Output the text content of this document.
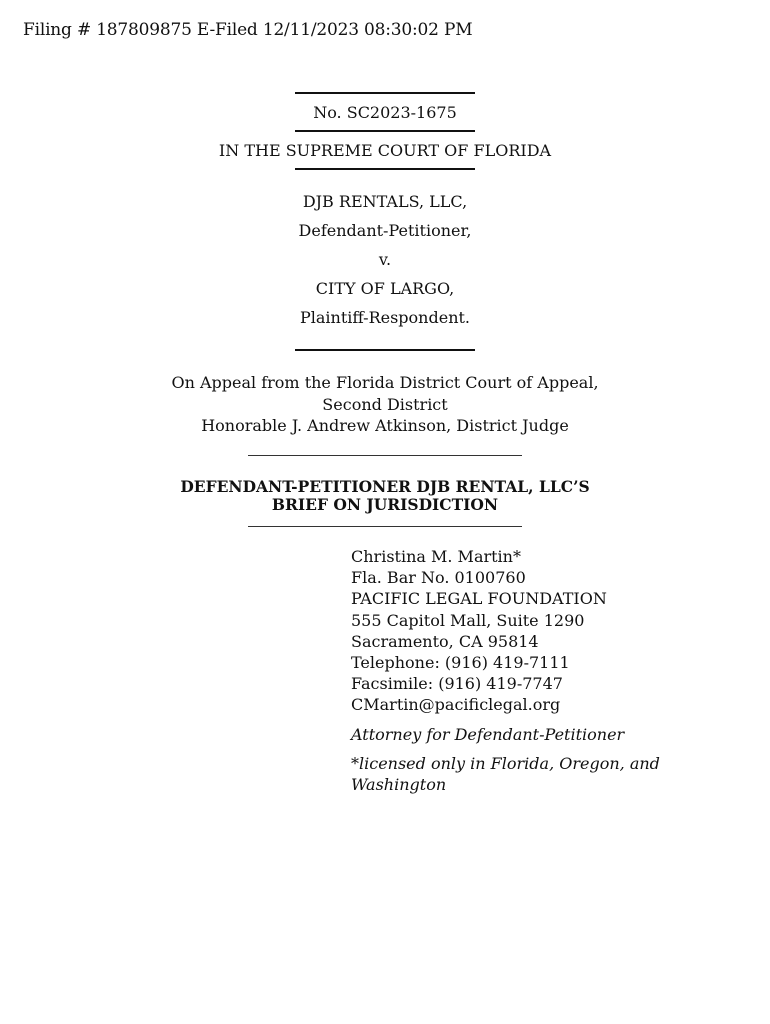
Filing # 187809875 E-Filed 12/11/2023 08:30:02 PM
No. SC2023-1675
IN THE SUPREME COURT OF FLORIDA
DJB RENTALS, LLC,
Defendant-Petitioner,
v.
CITY OF LARGO,
Plaintiff-Respondent.
On Appeal from the Florida District Court of Appeal,
Second District
Honorable J. Andrew Atkinson, District Judge
DEFENDANT-PETITIONER DJB RENTAL, LLC’S
BRIEF ON JURISDICTION
Christina M. Martin*
Fla. Bar No. 0100760
PACIFIC LEGAL FOUNDATION
555 Capitol Mall, Suite 1290
Sacramento, CA 95814
Telephone: (916) 419-7111
Facsimile: (916) 419-7747
CMartin@pacificlegal.org
Attorney for Defendant-Petitioner
*licensed only in Florida, Oregon, and
Washington
